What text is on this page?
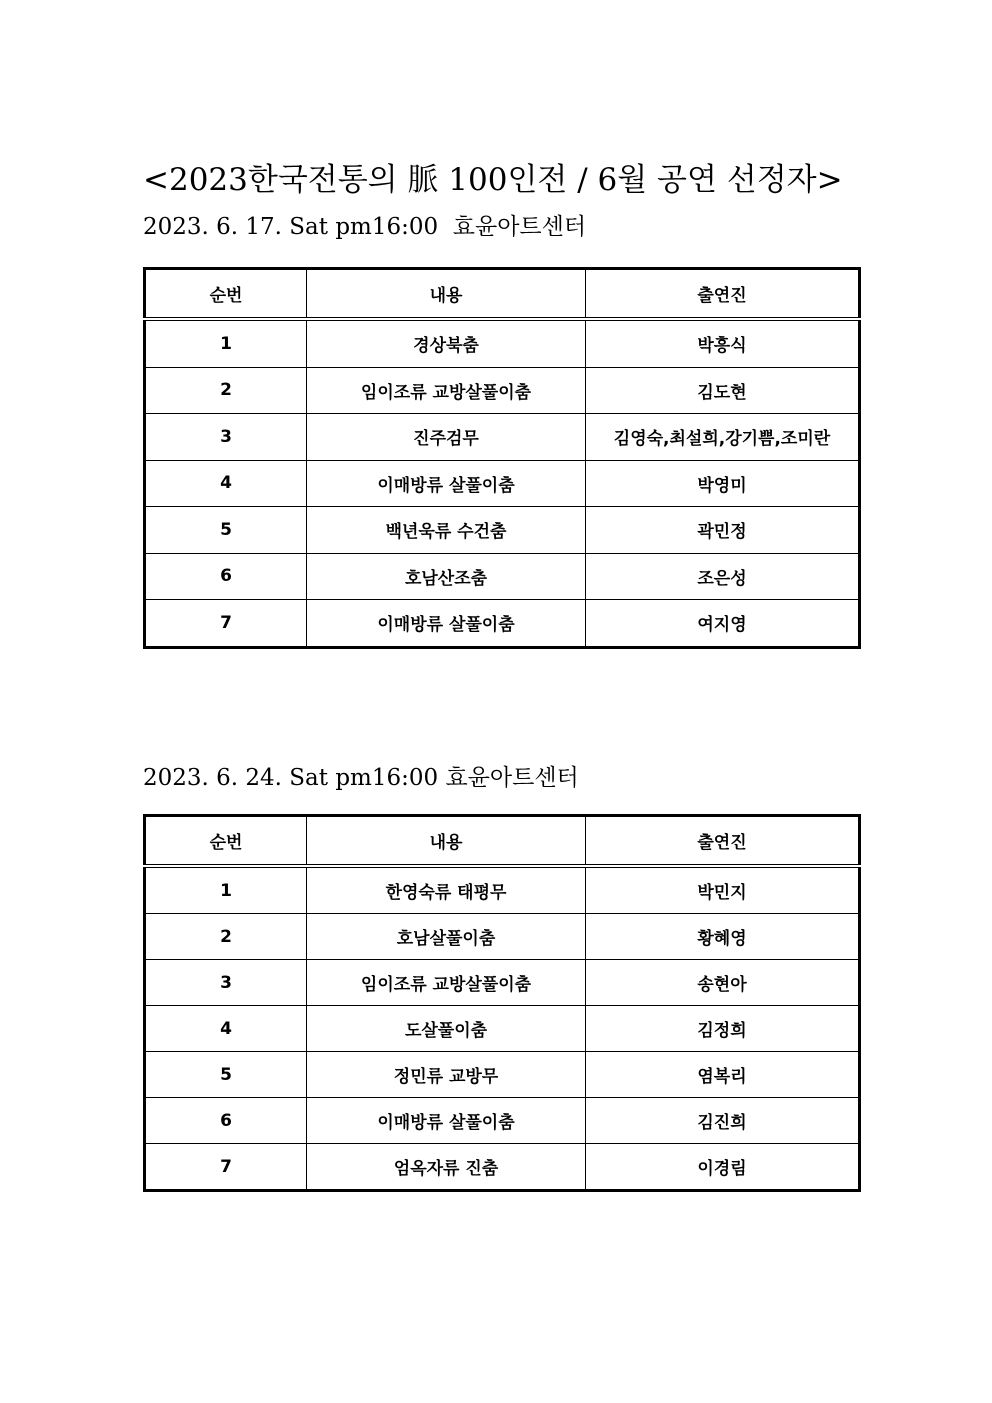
<2023한국전통의 脈 100인전 / 6월 공연 선정자>
2023. 6. 17. Sat pm16:00  효윤아트센터
순번	내용	출연진
1	경상북춤	박흥식
2	임이조류 교방살풀이춤	김도현
3	진주검무	김영숙,최설희,강기쁨,조미란
4	이매방류 살풀이춤	박영미
5	백년욱류 수건춤	곽민정
6	호남산조춤	조은성
7	이매방류 살풀이춤	여지영
2023. 6. 24. Sat pm16:00 효윤아트센터
순번	내용	출연진
1	한영숙류 태평무	박민지
2	호남살풀이춤	황혜영
3	임이조류 교방살풀이춤	송현아
4	도살풀이춤	김정희
5	정민류 교방무	염복리
6	이매방류 살풀이춤	김진희
7	엄옥자류 진춤	이경림
